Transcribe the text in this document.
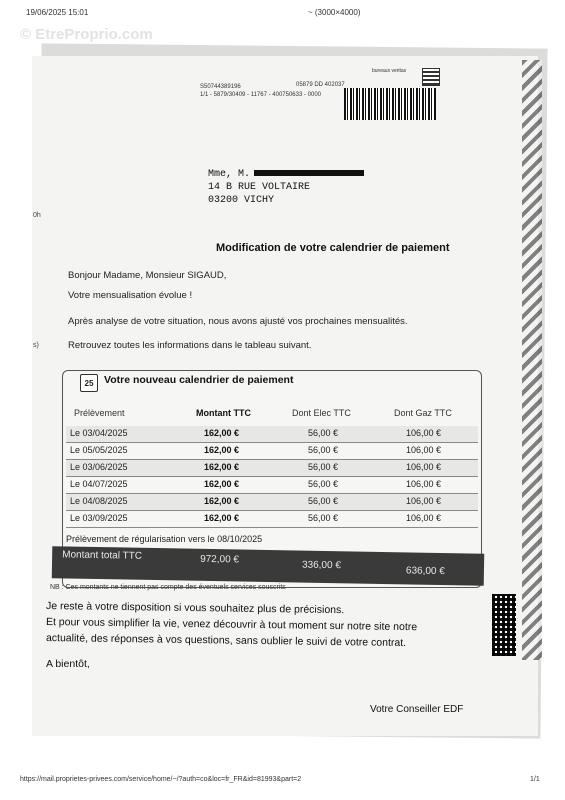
19/06/2025 15:01	~ (3000×4000)
© EtreProprio.com
0h
s)
S50744389196	05879 DD 402037
1/1 - 5879/30409 - 11767 - 400750633 - 0000
bureaux veritas
Mme, M.
14 B RUE VOLTAIRE
03200 VICHY
Modification de votre calendrier de paiement
Bonjour Madame, Monsieur SIGAUD,
Votre mensualisation évolue !
Après analyse de votre situation, nous avons ajusté vos prochaines mensualités.
Retrouvez toutes les informations dans le tableau suivant.
25	Votre nouveau calendrier de paiement
Prélèvement	Montant TTC	Dont Elec TTC	Dont Gaz TTC
Le 03/04/2025	162,00 €	56,00 €	106,00 €
Le 05/05/2025	162,00 €	56,00 €	106,00 €
Le 03/06/2025	162,00 €	56,00 €	106,00 €
Le 04/07/2025	162,00 €	56,00 €	106,00 €
Le 04/08/2025	162,00 €	56,00 €	106,00 €
Le 03/09/2025	162,00 €	56,00 €	106,00 €
Prélèvement de régularisation vers le 08/10/2025
Montant total TTC	972,00 €	336,00 €	636,00 €
NB : Ces montants ne tiennent pas compte des éventuels services souscrits
Je reste à votre disposition si vous souhaitez plus de précisions.
Et pour vous simplifier la vie, venez découvrir à tout moment sur notre site notre
actualité, des réponses à vos questions, sans oublier le suivi de votre contrat.
A bientôt,
Votre Conseiller EDF
https://mail.proprietes-privees.com/service/home/~/?auth=co&loc=fr_FR&id=81993&part=2	1/1
